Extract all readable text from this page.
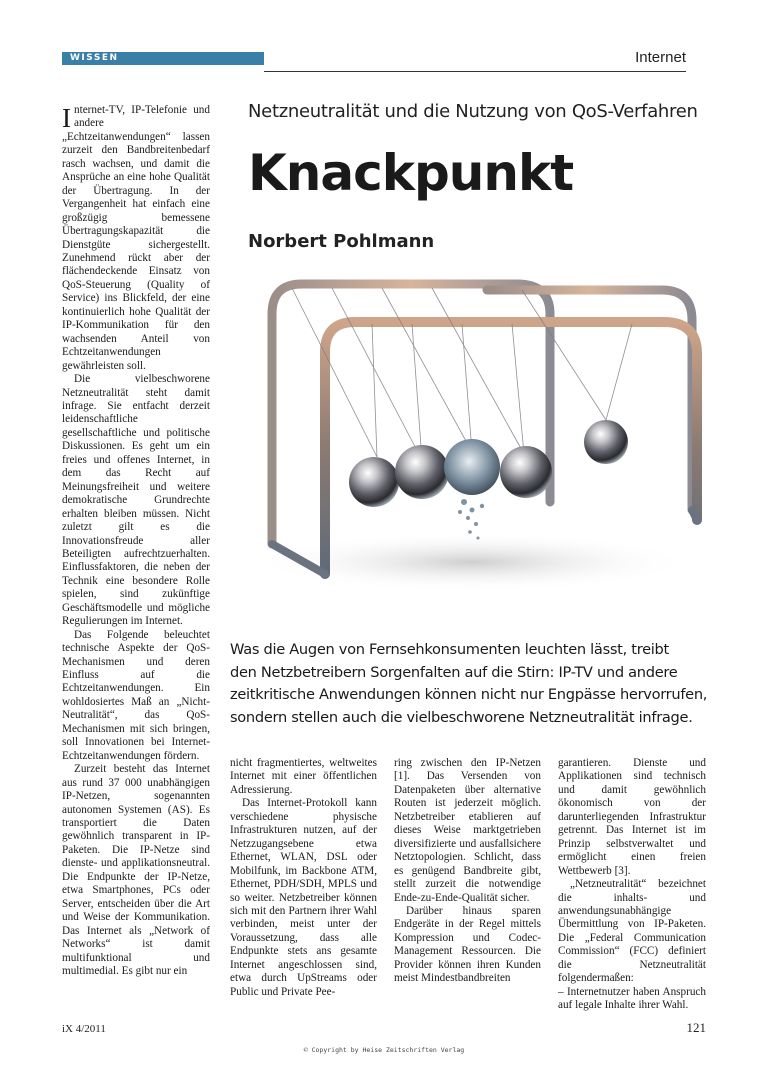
WISSEN	Internet

Internet-TV, IP-Telefonie und andere „Echtzeitanwendungen“ lassen zurzeit den Bandbreitenbedarf rasch wachsen, und damit die Ansprüche an eine hohe Qualität der Übertragung. In der Vergangenheit hat einfach eine großzügig bemessene Übertragungskapazität die Dienstgüte sichergestellt. Zunehmend rückt aber der flächendeckende Einsatz von QoS-Steuerung (Quality of Service) ins Blickfeld, der eine kontinuierlich hohe Qualität der IP-Kommunikation für den wachsenden Anteil von Echtzeitanwendungen gewährleisten soll.

Die vielbeschworene Netzneutralität steht damit infrage. Sie entfacht derzeit leidenschaftliche gesellschaftliche und politische Diskussionen. Es geht um ein freies und offenes Internet, in dem das Recht auf Meinungsfreiheit und weitere demokratische Grundrechte erhalten bleiben müssen. Nicht zuletzt gilt es die Innovationsfreude aller Beteiligten aufrechtzuerhalten. Einflussfaktoren, die neben der Technik eine besondere Rolle spielen, sind zukünftige Geschäftsmodelle und mögliche Regulierungen im Internet.

Das Folgende beleuchtet technische Aspekte der QoS-Mechanismen und deren Einfluss auf die Echtzeitanwendungen. Ein wohldosiertes Maß an „Nicht-Neutralität“, das QoS-Mechanismen mit sich bringen, soll Innovationen bei Internet-Echtzeitanwendungen fördern.

Zurzeit besteht das Internet aus rund 37 000 unabhängigen IP-Netzen, sogenannten autonomen Systemen (AS). Es transportiert die Daten gewöhnlich transparent in IP-Paketen. Die IP-Netze sind dienste- und applikationsneutral. Die Endpunkte der IP-Netze, etwa Smartphones, PCs oder Server, entscheiden über die Art und Weise der Kommunikation. Das Internet als „Network of Networks“ ist damit multifunktional und multimedial. Es gibt nur ein

Netzneutralität und die Nutzung von QoS-Verfahren
Knackpunkt
Norbert Pohlmann
Was die Augen von Fernsehkonsumenten leuchten lässt, treibt
den Netzbetreibern Sorgenfalten auf die Stirn: IP-TV und andere
zeitkritische Anwendungen können nicht nur Engpässe hervorrufen,
sondern stellen auch die vielbeschworene Netzneutralität infrage.

nicht fragmentiertes, weltweites Internet mit einer öffentlichen Adressierung.

Das Internet-Protokoll kann verschiedene physische Infrastrukturen nutzen, auf der Netzzugangsebene etwa Ethernet, WLAN, DSL oder Mobilfunk, im Backbone ATM, Ethernet, PDH/SDH, MPLS und so weiter. Netzbetreiber können sich mit den Partnern ihrer Wahl verbinden, meist unter der Voraussetzung, dass alle Endpunkte stets ans gesamte Internet angeschlossen sind, etwa durch UpStreams oder Public und Private Pee-

ring zwischen den IP-Netzen [1]. Das Versenden von Datenpaketen über alternative Routen ist jederzeit möglich. Netzbetreiber etablieren auf dieses Weise marktgetrieben diversifizierte und ausfallsichere Netztopologien. Schlicht, dass es genügend Bandbreite gibt, stellt zurzeit die notwendige Ende-zu-Ende-Qualität sicher.

Darüber hinaus sparen Endgeräte in der Regel mittels Kompression und Codec-Management Ressourcen. Die Provider können ihren Kunden meist Mindestbandbreiten

garantieren. Dienste und Applikationen sind technisch und damit gewöhnlich ökonomisch von der darunterliegenden Infrastruktur getrennt. Das Internet ist im Prinzip selbstverwaltet und ermöglicht einen freien Wettbewerb [3].

„Netzneutralität“ bezeichnet die inhalts- und anwendungsunabhängige Übermittlung von IP-Paketen. Die „Federal Communication Commission“ (FCC) definiert die Netzneutralität folgendermaßen:

– Internetnutzer haben Anspruch auf legale Inhalte ihrer Wahl.

iX 4/2011	121
© Copyright by Heise Zeitschriften Verlag
